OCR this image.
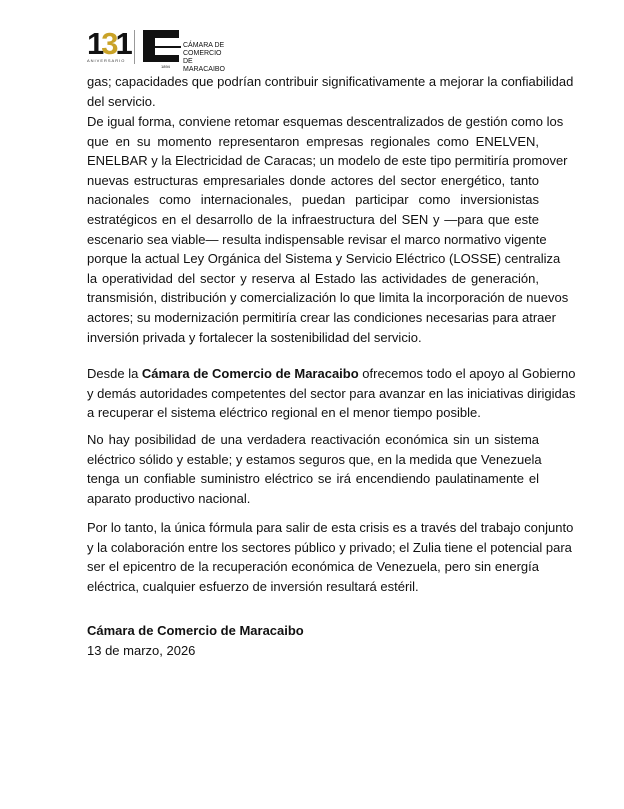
131
ANIVERSARIO
1894
CÁMARA DE COMERCIO
DE MARACAIBO
gas; capacidades que podrían contribuir significativamente a mejorar la confiabilidad
del servicio.
De igual forma, conviene retomar esquemas descentralizados de gestión como los
que en su momento representaron empresas regionales como ENELVEN,
ENELBAR y la Electricidad de Caracas; un modelo de este tipo permitiría promover
nuevas estructuras empresariales donde actores del sector energético, tanto
nacionales como internacionales, puedan participar como inversionistas
estratégicos en el desarrollo de la infraestructura del SEN y —para que este
escenario sea viable— resulta indispensable revisar el marco normativo vigente
porque la actual Ley Orgánica del Sistema y Servicio Eléctrico (LOSSE) centraliza
la operatividad del sector y reserva al Estado las actividades de generación,
transmisión, distribución y comercialización lo que limita la incorporación de nuevos
actores; su modernización permitiría crear las condiciones necesarias para atraer
inversión privada y fortalecer la sostenibilidad del servicio.
Desde la Cámara de Comercio de Maracaibo ofrecemos todo el apoyo al Gobierno
y demás autoridades competentes del sector para avanzar en las iniciativas dirigidas
a recuperar el sistema eléctrico regional en el menor tiempo posible.
No hay posibilidad de una verdadera reactivación económica sin un sistema
eléctrico sólido y estable; y estamos seguros que, en la medida que Venezuela
tenga un confiable suministro eléctrico se irá encendiendo paulatinamente el
aparato productivo nacional.
Por lo tanto, la única fórmula para salir de esta crisis es a través del trabajo conjunto
y la colaboración entre los sectores público y privado; el Zulia tiene el potencial para
ser el epicentro de la recuperación económica de Venezuela, pero sin energía
eléctrica, cualquier esfuerzo de inversión resultará estéril.
Cámara de Comercio de Maracaibo
13 de marzo, 2026
